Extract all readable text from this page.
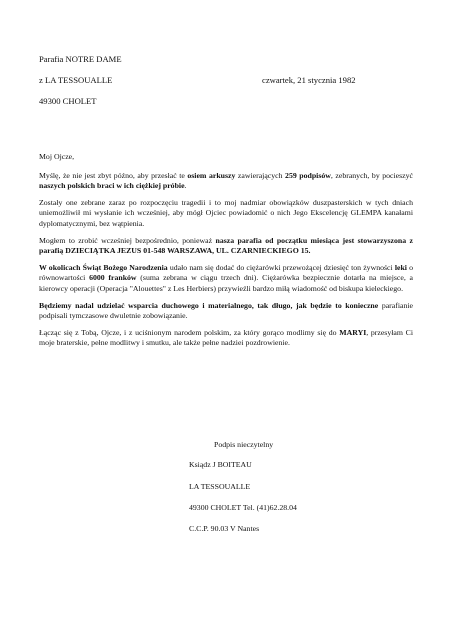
Parafia NOTRE DAME
z LA TESSOUALLE	czwartek, 21 stycznia 1982
49300 CHOLET

Moj Ojcze,

Myślę, że nie jest zbyt późno, aby przesłać te osiem arkuszy zawierających 259 podpisów, zebranych, by pocieszyć naszych polskich braci w ich ciężkiej próbie.

Zostały one zebrane zaraz po rozpoczęciu tragedii i to moj nadmiar obowiązków duszpasterskich w tych dniach uniemożliwił mi wysłanie ich wcześniej, aby mógł Ojciec powiadomić o nich Jego Ekscelencję GLEMPA kanałami dyplomatycznymi, bez wątpienia.

Mogłem to zrobić wcześniej bezpośrednio, ponieważ nasza parafia od początku miesiąca jest stowarzyszona z parafią DZIECIĄTKA JEZUS 01-548 WARSZAWA, UL. CZARNIECKIEGO 15.

W okolicach Świąt Bożego Narodzenia udało nam się dodać do ciężarówki przewożącej dziesięć ton żywności leki o równowartości 6000 franków (suma zebrana w ciągu trzech dni). Ciężarówka bezpiecznie dotarła na miejsce, a kierowcy operacji (Operacja "Alouettes" z Les Herbiers) przywieźli bardzo miłą wiadomość od biskupa kieleckiego.

Będziemy nadal udzielać wsparcia duchowego i materialnego, tak długo, jak będzie to konieczne parafianie podpisali tymczasowe dwuletnie zobowiązanie.

Łącząc się z Tobą, Ojcze, i z uciśnionym narodem polskim, za który gorąco modlimy się do MARYI, przesyłam Ci moje braterskie, pełne modlitwy i smutku, ale także pełne nadziei pozdrowienie.

Podpis nieczytelny
Ksiądz J BOITEAU
LA TESSOUALLE
49300 CHOLET Tel. (41)62.28.04
C.C.P. 90.03 V Nantes
